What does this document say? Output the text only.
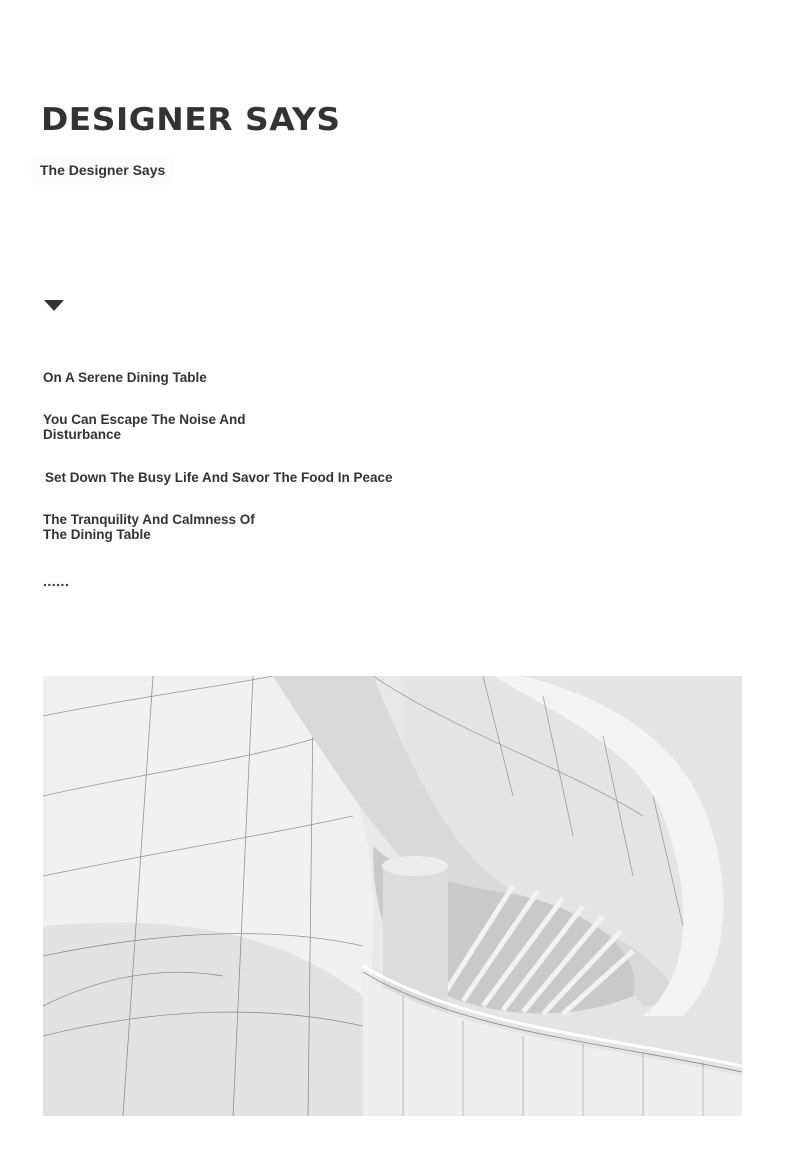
DESIGNER SAYS
The Designer Says
On A Serene Dining Table
You Can Escape The Noise And Disturbance
Set Down The Busy Life And Savor The Food In Peace
The Tranquility And Calmness Of The Dining Table
......
